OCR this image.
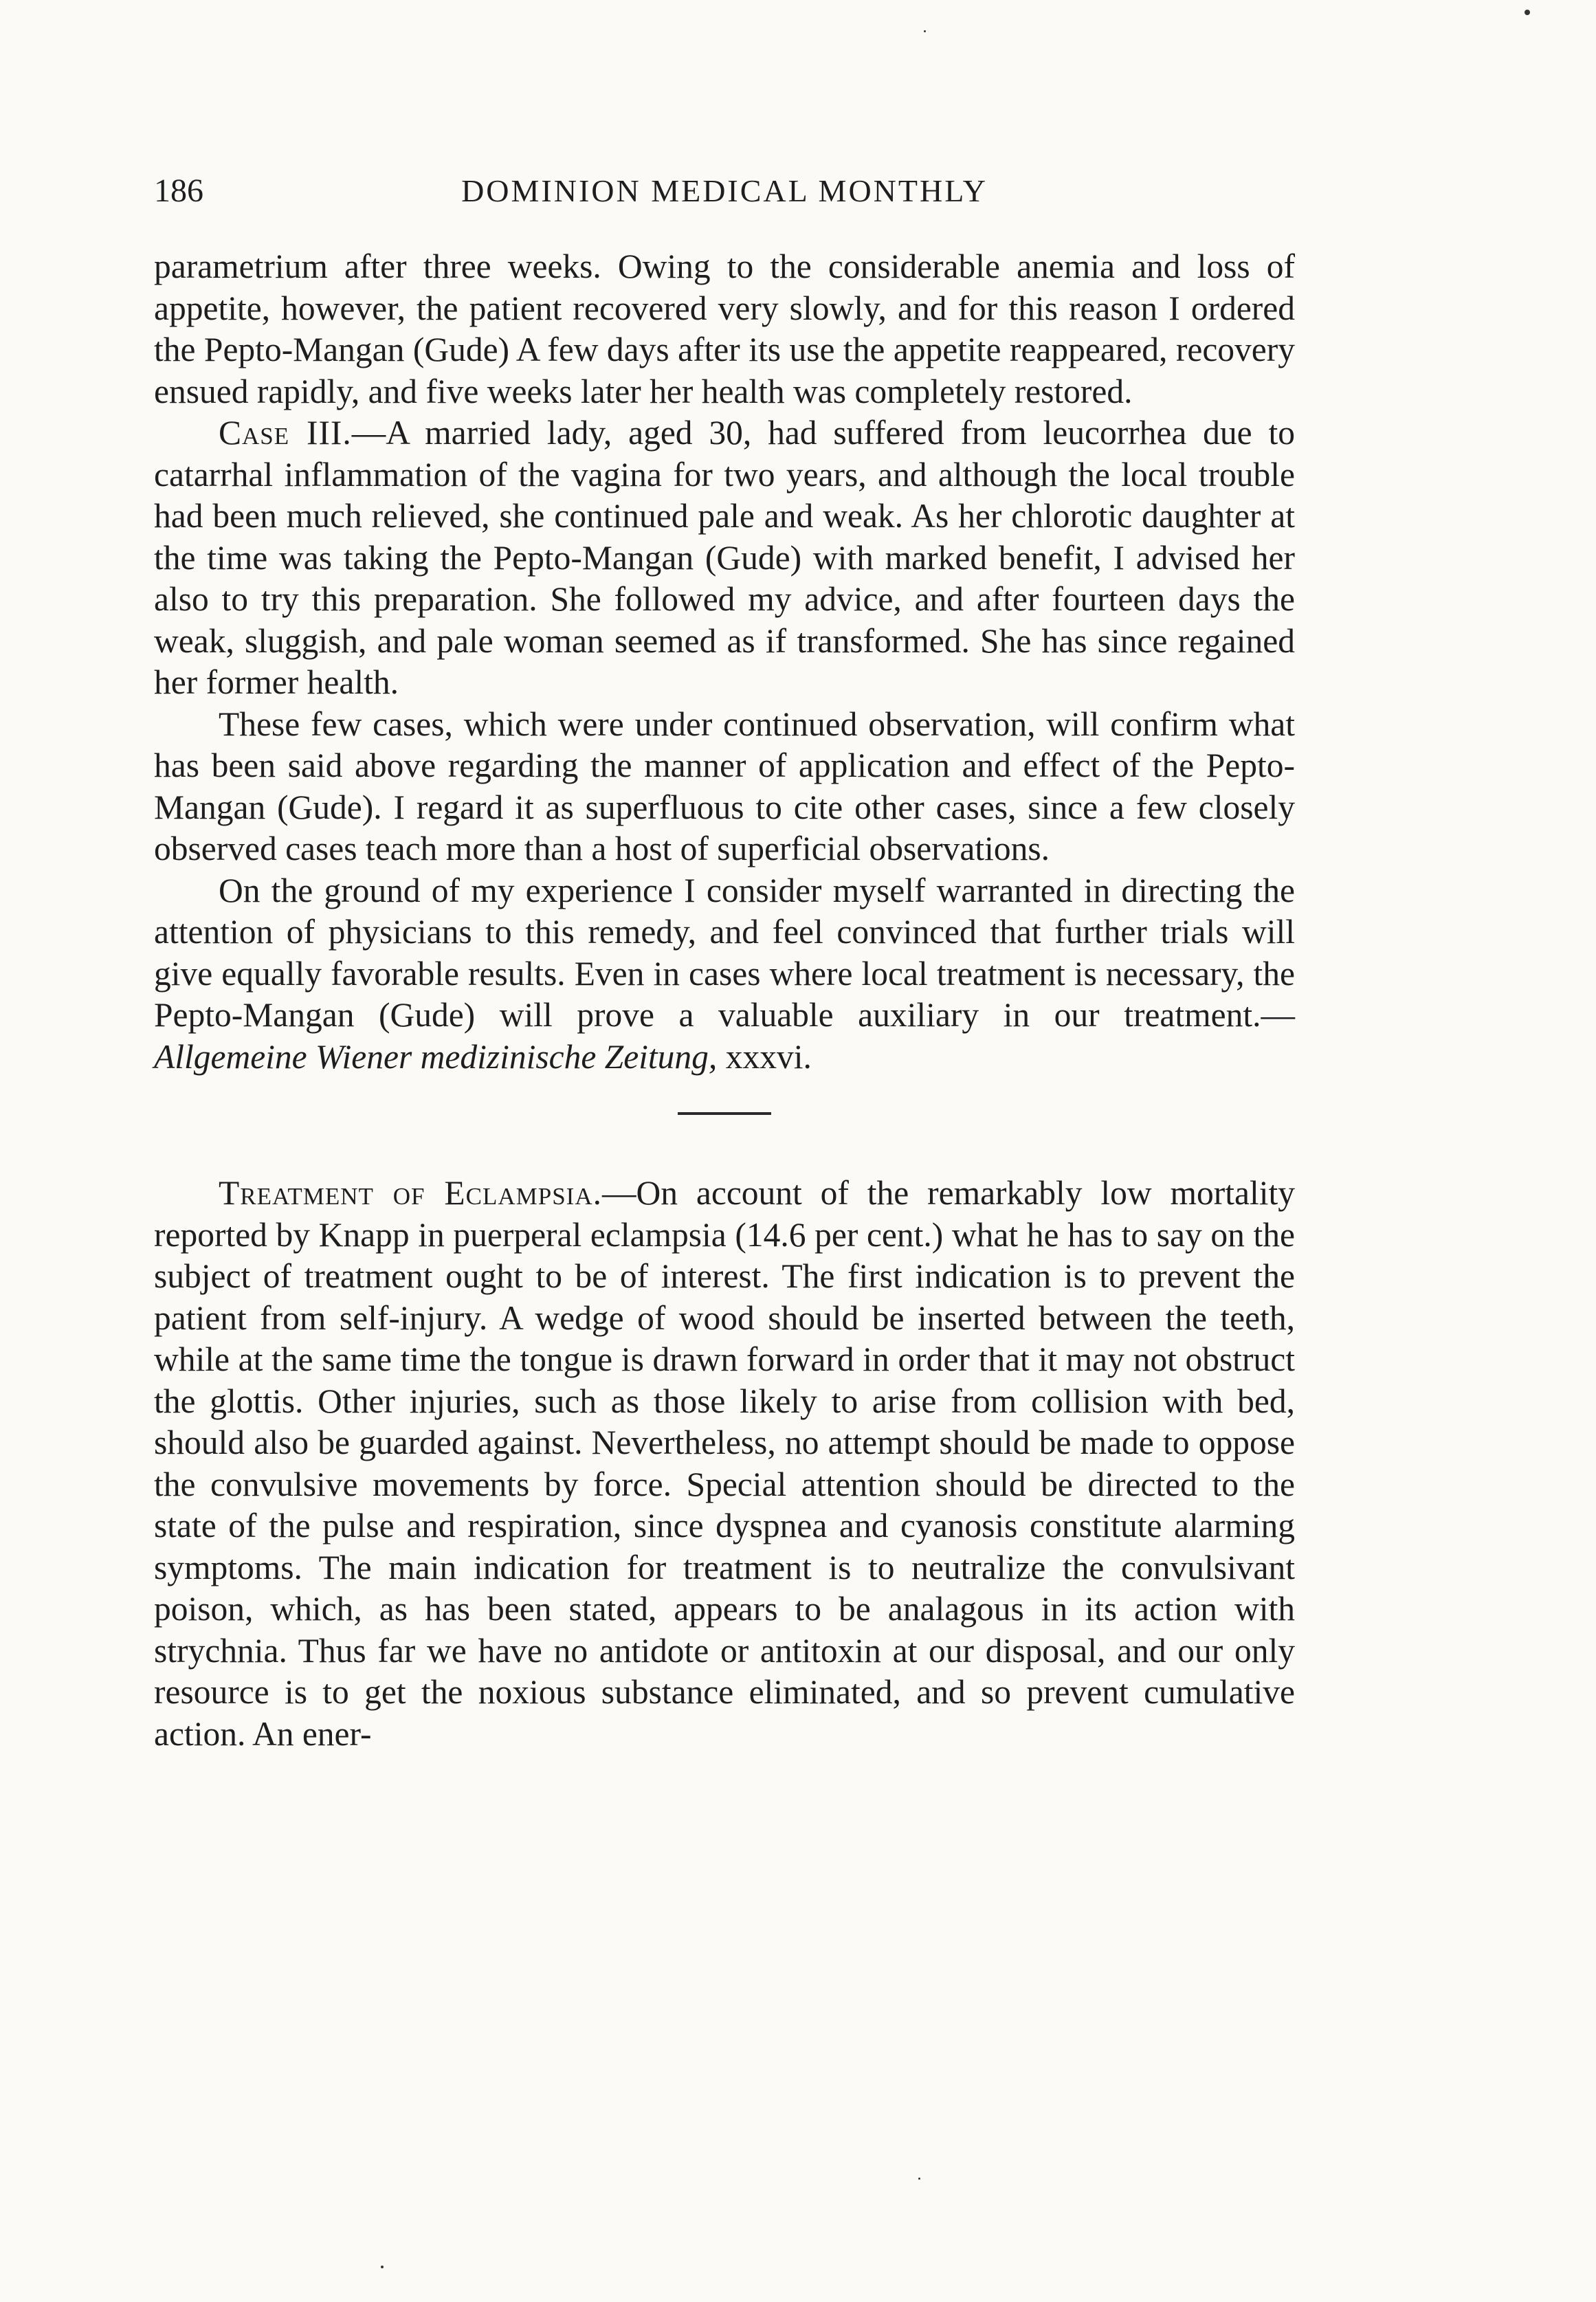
186	DOMINION MEDICAL MONTHLY

parametrium after three weeks. Owing to the considerable anemia and loss of appetite, however, the patient recovered very slowly, and for this reason I ordered the Pepto-Mangan (Gude) A few days after its use the appetite reappeared, recovery ensued rapidly, and five weeks later her health was completely restored.

Case III.—A married lady, aged 30, had suffered from leucorrhea due to catarrhal inflammation of the vagina for two years, and although the local trouble had been much relieved, she continued pale and weak. As her chlorotic daughter at the time was taking the Pepto-Mangan (Gude) with marked benefit, I advised her also to try this preparation. She followed my advice, and after fourteen days the weak, sluggish, and pale woman seemed as if transformed. She has since regained her former health.

These few cases, which were under continued observation, will confirm what has been said above regarding the manner of application and effect of the Pepto-Mangan (Gude). I regard it as superfluous to cite other cases, since a few closely observed cases teach more than a host of superficial observations.

On the ground of my experience I consider myself warranted in directing the attention of physicians to this remedy, and feel convinced that further trials will give equally favorable results. Even in cases where local treatment is necessary, the Pepto-Mangan (Gude) will prove a valuable auxiliary in our treatment.—Allgemeine Wiener medizinische Zeitung, xxxvi.

Treatment of Eclampsia.—On account of the remarkably low mortality reported by Knapp in puerperal eclampsia (14.6 per cent.) what he has to say on the subject of treatment ought to be of interest. The first indication is to prevent the patient from self-injury. A wedge of wood should be inserted between the teeth, while at the same time the tongue is drawn forward in order that it may not obstruct the glottis. Other injuries, such as those likely to arise from collision with bed, should also be guarded against. Nevertheless, no attempt should be made to oppose the convulsive movements by force. Special attention should be directed to the state of the pulse and respiration, since dyspnea and cyanosis constitute alarming symptoms. The main indication for treatment is to neutralize the convulsivant poison, which, as has been stated, appears to be analagous in its action with strychnia. Thus far we have no antidote or antitoxin at our disposal, and our only resource is to get the noxious substance eliminated, and so prevent cumulative action. An ener-
